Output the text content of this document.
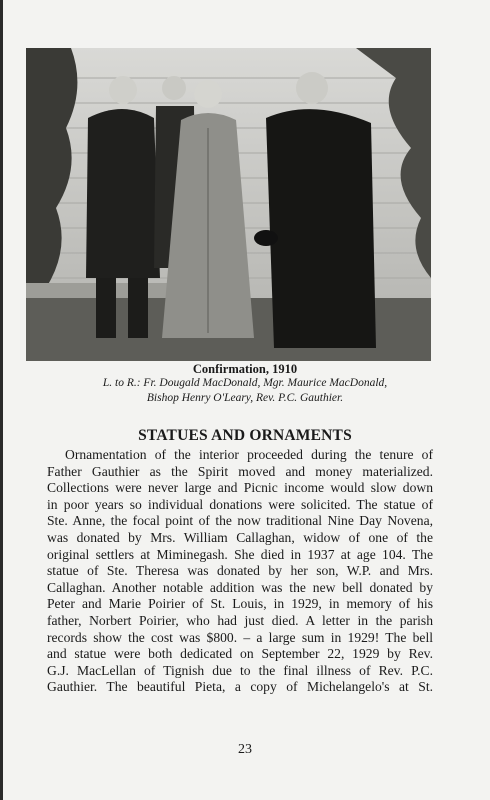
Confirmation, 1910
L. to R.: Fr. Dougald MacDonald, Mgr. Maurice MacDonald,
Bishop Henry O'Leary, Rev. P.C. Gauthier.
STATUES AND ORNAMENTS
Ornamentation of the interior proceeded during the tenure of
Father Gauthier as the Spirit moved and money materialized.
Collections were never large and Picnic income would slow down
in poor years so individual donations were solicited. The statue of
Ste. Anne, the focal point of the now traditional Nine Day Novena,
was donated by Mrs. William Callaghan, widow of one of the
original settlers at Miminegash. She died in 1937 at age 104. The
statue of Ste. Theresa was donated by her son, W.P. and Mrs.
Callaghan. Another notable addition was the new bell donated by
Peter and Marie Poirier of St. Louis, in 1929, in memory of his
father, Norbert Poirier, who had just died. A letter in the parish
records show the cost was $800. – a large sum in 1929! The bell
and statue were both dedicated on September 22, 1929 by Rev.
G.J. MacLellan of Tignish due to the final illness of Rev. P.C.
Gauthier. The beautiful Pieta, a copy of Michelangelo's at St.
23
